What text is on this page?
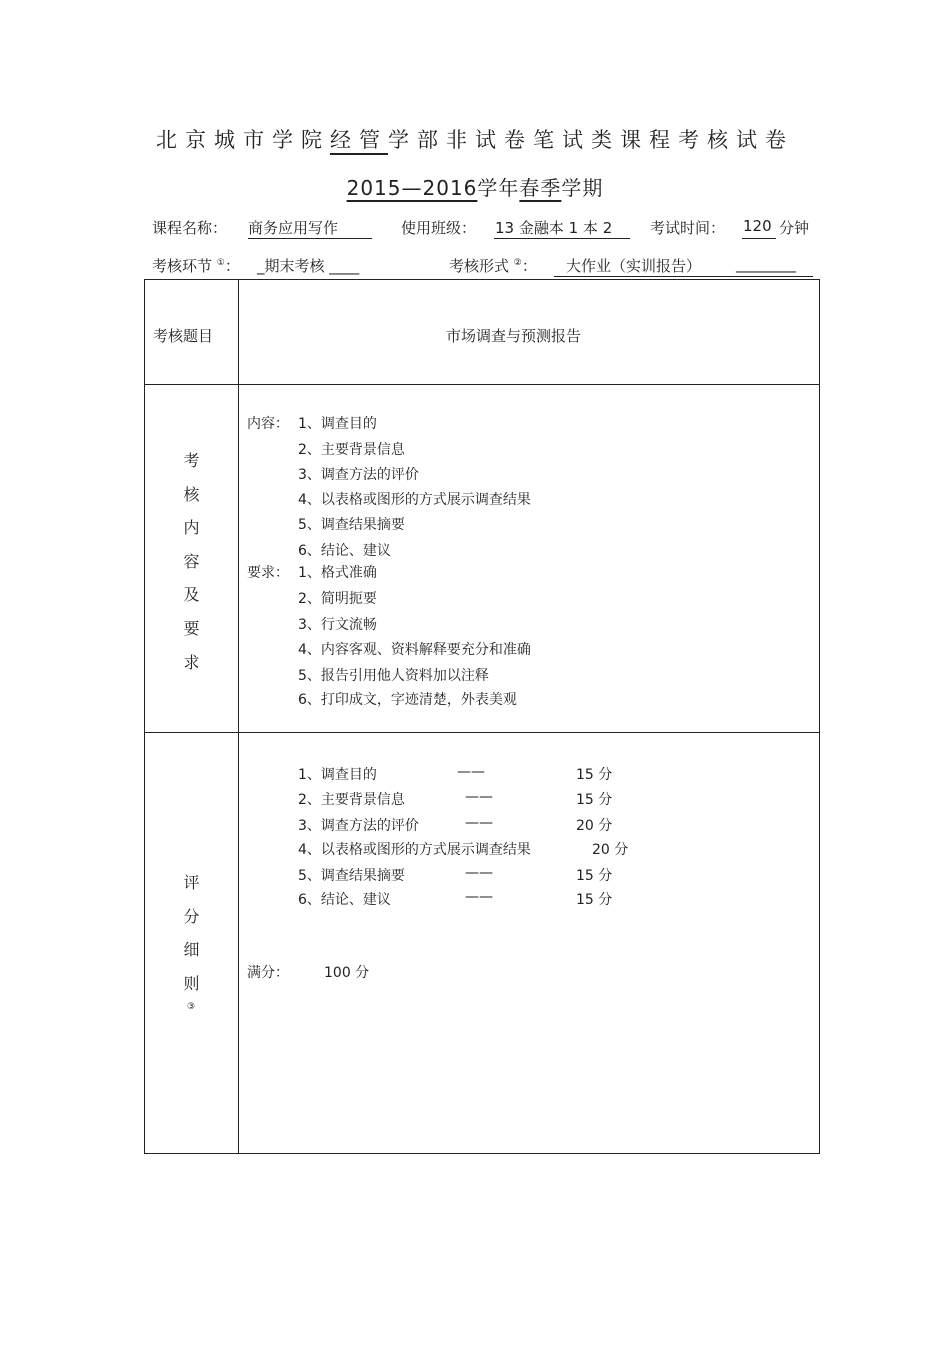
北京城市学院经管学部非试卷笔试类课程考核试卷
2015—2016学年春季学期
课程名称： 商务应用写作	使用班级： 13 金融本 1 本 2	考试时间： 120 分钟
考核环节 ①： _期末考核 ____	考核形式 ②： 大作业（实训报告） ________
考核题目	市场调查与预测报告
考
核
内
容
及
要
求
内容： 1、调查目的
2、主要背景信息
3、调查方法的评价
4、以表格或图形的方式展示调查结果
5、调查结果摘要
6、结论、建议
要求： 1、格式准确
2、简明扼要
3、行文流畅
4、内容客观、资料解释要充分和准确
5、报告引用他人资料加以注释
6、打印成文，字迹清楚，外表美观
评
分
细
则
③
1、调查目的	——	15 分
2、主要背景信息	——	15 分
3、调查方法的评价	——	20 分
4、以表格或图形的方式展示调查结果	20 分
5、调查结果摘要	——	15 分
6、结论、建议	——	15 分
满分：	100 分
